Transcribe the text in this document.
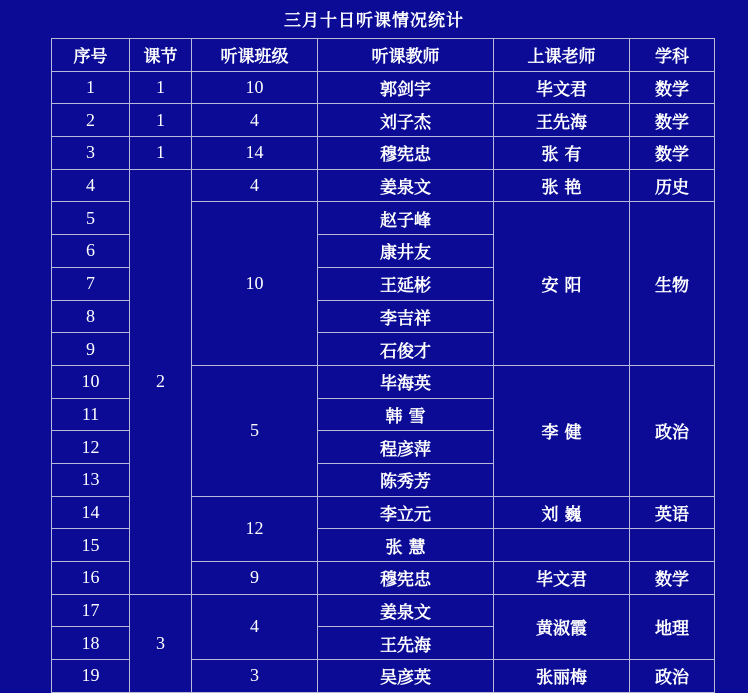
三月十日听课情况统计
序号	课节	听课班级	听课教师	上课老师	学科
1	1	10	郭剑宇	毕文君	数学
2	1	4	刘子杰	王先海	数学
3	1	14	穆宪忠	张 有	数学
4	2	4	姜泉文	张 艳	历史
5		10	赵子峰	安 阳	生物
6			康井友		
7			王延彬		
8			李吉祥		
9			石俊才		
10		5	毕海英	李 健	政治
11			韩 雪		
12			程彦萍		
13			陈秀芳		
14		12	李立元	刘 巍	英语
15			张 慧		
16		9	穆宪忠	毕文君	数学
17	3	4	姜泉文	黄淑霞	地理
18			王先海		
19		3	吴彦英	张丽梅	政治
